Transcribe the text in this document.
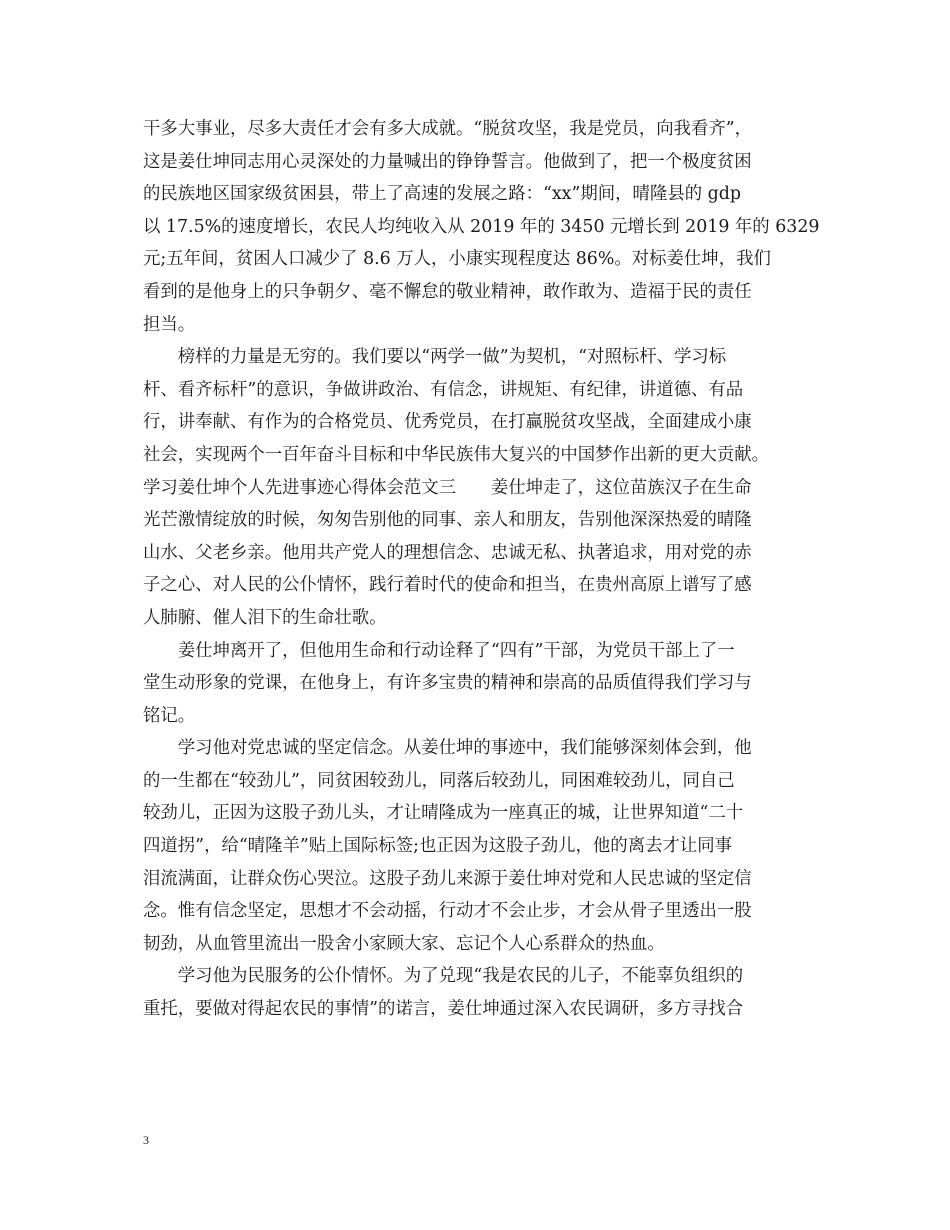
干多大事业，尽多大责任才会有多大成就。“脱贫攻坚，我是党员，向我看齐”，
这是姜仕坤同志用心灵深处的力量喊出的铮铮誓言。他做到了，把一个极度贫困
的民族地区国家级贫困县，带上了高速的发展之路：“xx”期间，晴隆县的 gdp
以 17.5%的速度增长，农民人均纯收入从 2019 年的 3450 元增长到 2019 年的 6329
元;五年间，贫困人口减少了 8.6 万人，小康实现程度达 86%。对标姜仕坤，我们
看到的是他身上的只争朝夕、毫不懈怠的敬业精神，敢作敢为、造福于民的责任
担当。
　　榜样的力量是无穷的。我们要以“两学一做”为契机，“对照标杆、学习标
杆、看齐标杆”的意识，争做讲政治、有信念，讲规矩、有纪律，讲道德、有品
行，讲奉献、有作为的合格党员、优秀党员，在打赢脱贫攻坚战，全面建成小康
社会，实现两个一百年奋斗目标和中华民族伟大复兴的中国梦作出新的更大贡献。
学习姜仕坤个人先进事迹心得体会范文三　　姜仕坤走了，这位苗族汉子在生命
光芒激情绽放的时候，匆匆告别他的同事、亲人和朋友，告别他深深热爱的晴隆
山水、父老乡亲。他用共产党人的理想信念、忠诚无私、执著追求，用对党的赤
子之心、对人民的公仆情怀，践行着时代的使命和担当，在贵州高原上谱写了感
人肺腑、催人泪下的生命壮歌。
　　姜仕坤离开了，但他用生命和行动诠释了“四有”干部，为党员干部上了一
堂生动形象的党课，在他身上，有许多宝贵的精神和崇高的品质值得我们学习与
铭记。
　　学习他对党忠诚的坚定信念。从姜仕坤的事迹中，我们能够深刻体会到，他
的一生都在“较劲儿”，同贫困较劲儿，同落后较劲儿，同困难较劲儿，同自己
较劲儿，正因为这股子劲儿头，才让晴隆成为一座真正的城，让世界知道“二十
四道拐”，给“晴隆羊”贴上国际标签;也正因为这股子劲儿，他的离去才让同事
泪流满面，让群众伤心哭泣。这股子劲儿来源于姜仕坤对党和人民忠诚的坚定信
念。惟有信念坚定，思想才不会动摇，行动才不会止步，才会从骨子里透出一股
韧劲，从血管里流出一股舍小家顾大家、忘记个人心系群众的热血。
　　学习他为民服务的公仆情怀。为了兑现“我是农民的儿子，不能辜负组织的
重托，要做对得起农民的事情”的诺言，姜仕坤通过深入农民调研，多方寻找合
3
